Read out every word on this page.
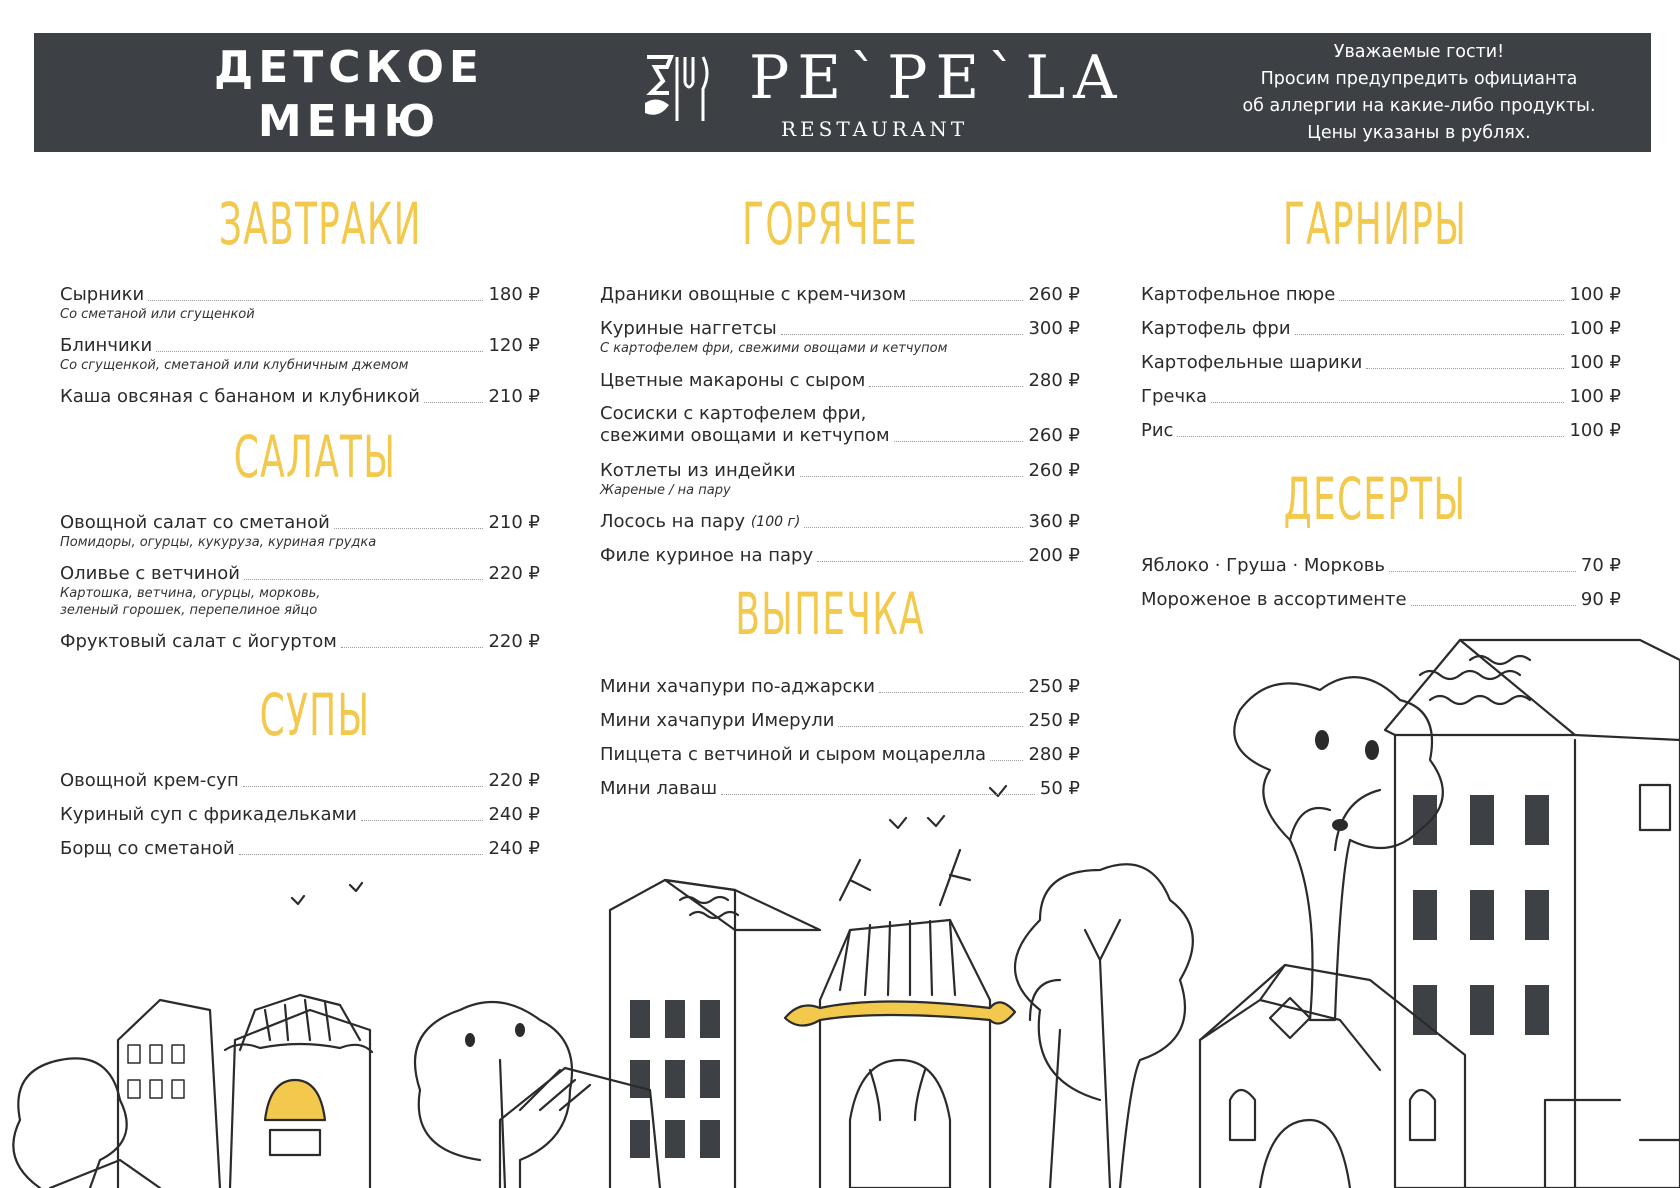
ДЕТСКОЕ
МЕНЮ
PE`PE`LA
RESTAURANT
Уважаемые гости!
Просим предупредить официанта
об аллергии на какие-либо продукты.
Цены указаны в рублях.
ЗАВТРАКИ
САЛАТЫ
СУПЫ
ГОРЯЧЕЕ
ВЫПЕЧКА
ГАРНИРЫ
ДЕСЕРТЫ
Сырники	180 ₽
Со сметаной или сгущенкой
Блинчики	120 ₽
Со сгущенкой, сметаной или клубничным джемом
Каша овсяная с бананом и клубникой	210 ₽
Овощной салат со сметаной	210 ₽
Помидоры, огурцы, кукуруза, куриная грудка
Оливье с ветчиной	220 ₽
Картошка, ветчина, огурцы, морковь,
зеленый горошек, перепелиное яйцо
Фруктовый салат с йогуртом	220 ₽
Овощной крем-суп	220 ₽
Куриный суп с фрикадельками	240 ₽
Борщ со сметаной	240 ₽
Драники овощные с крем-чизом	260 ₽
Куриные наггетсы	300 ₽
С картофелем фри, свежими овощами и кетчупом
Цветные макароны с сыром	280 ₽
Сосиски с картофелем фри,
свежими овощами и кетчупом	260 ₽
Котлеты из индейки	260 ₽
Жареные / на пару
Лосось на пару
(100 г)	360 ₽
Филе куриное на пару	200 ₽
Мини хачапури по-аджарски	250 ₽
Мини хачапури Имерули	250 ₽
Пиццета с ветчиной и сыром моцарелла 280 ₽
Мини лаваш	50 ₽
Картофельное пюре	100 ₽
Картофель фри	100 ₽
Картофельные шарики	100 ₽
Гречка	100 ₽
Рис	100 ₽
Яблоко · Груша · Морковь	70 ₽
Мороженое в ассортименте	90 ₽
